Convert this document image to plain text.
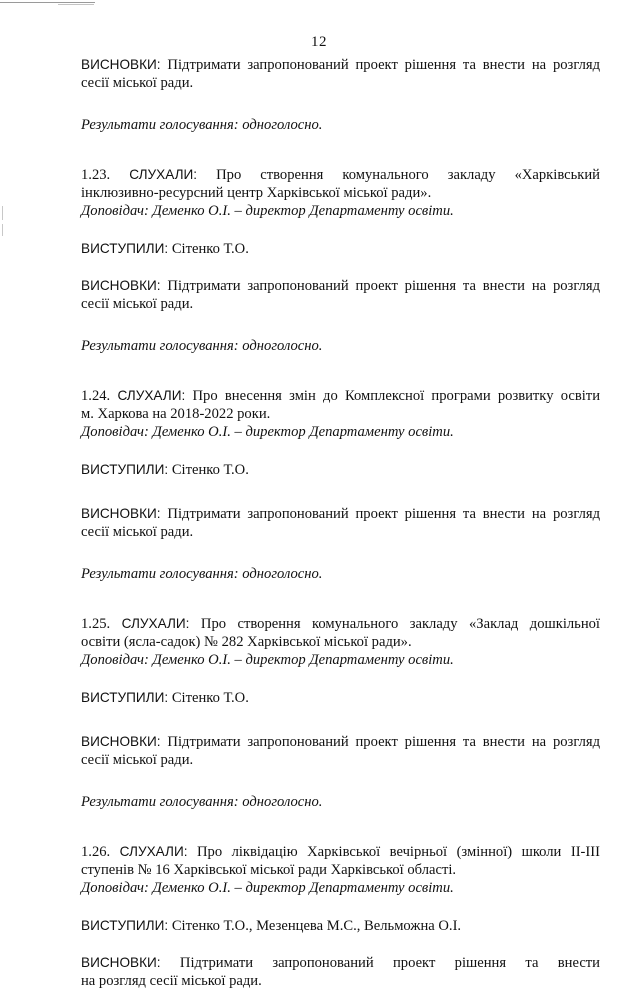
12
ВИСНОВКИ: Підтримати запропонований проект рішення та внести на розгляд
сесії міської ради.
Результати голосування: одноголосно.
1.23. СЛУХАЛИ: Про створення комунального закладу «Харківський
інклюзивно-ресурсний центр Харківської міської ради».
Доповідач: Деменко О.І. – директор Департаменту освіти.
ВИСТУПИЛИ: Сітенко Т.О.
ВИСНОВКИ: Підтримати запропонований проект рішення та внести на розгляд
сесії міської ради.
Результати голосування: одноголосно.
1.24. СЛУХАЛИ: Про внесення змін до Комплексної програми розвитку освіти
м. Харкова на 2018-2022 роки.
Доповідач: Деменко О.І. – директор Департаменту освіти.
ВИСТУПИЛИ: Сітенко Т.О.
ВИСНОВКИ: Підтримати запропонований проект рішення та внести на розгляд
сесії міської ради.
Результати голосування: одноголосно.
1.25. СЛУХАЛИ: Про створення комунального закладу «Заклад дошкільної
освіти (ясла-садок) № 282 Харківської міської ради».
Доповідач: Деменко О.І. – директор Департаменту освіти.
ВИСТУПИЛИ: Сітенко Т.О.
ВИСНОВКИ: Підтримати запропонований проект рішення та внести на розгляд
сесії міської ради.
Результати голосування: одноголосно.
1.26. СЛУХАЛИ: Про ліквідацію Харківської вечірньої (змінної) школи ІІ-ІІІ
ступенів № 16 Харківської міської ради Харківської області.
Доповідач: Деменко О.І. – директор Департаменту освіти.
ВИСТУПИЛИ: Сітенко Т.О., Мезенцева М.С., Вельможна О.І.
ВИСНОВКИ: Підтримати запропонований проект рішення та внести
на розгляд сесії міської ради.
